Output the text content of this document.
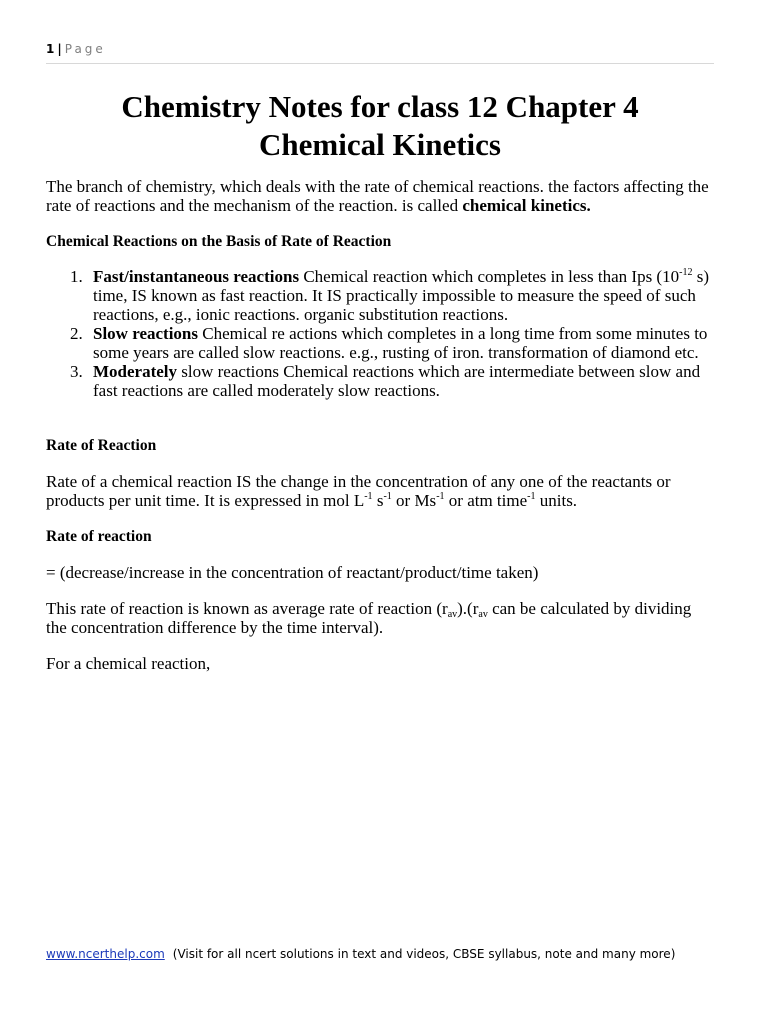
1 | Page
Chemistry Notes for class 12 Chapter 4
Chemical Kinetics

The branch of chemistry, which deals with the rate of chemical reactions. the factors affecting the rate of reactions and the mechanism of the reaction. is called chemical kinetics.

Chemical Reactions on the Basis of Rate of Reaction
1. Fast/instantaneous reactions Chemical reaction which completes in less than Ips ($10^{-12}$ s) time, IS known as fast reaction. It IS practically impossible to measure the speed of such reactions, e.g., ionic reactions. organic substitution reactions.
2. Slow reactions Chemical re actions which completes in a long time from some minutes to some years are called slow reactions. e.g., rusting of iron. transformation of diamond etc.
3. Moderately slow reactions Chemical reactions which are intermediate between slow and fast reactions are called moderately slow reactions.
Rate of Reaction

Rate of a chemical reaction IS the change in the concentration of any one of the reactants or products per unit time. It is expressed in mol $L^{-1}$ $s^{-1}$ or $Ms^{-1}$ or atm time$^{-1}$ units.

Rate of reaction

= (decrease/increase in the concentration of reactant/product/time taken)

This rate of reaction is known as average rate of reaction $(r_{av}).(r_{av}$ can be calculated by dividing the concentration difference by the time interval).

For a chemical reaction,

www.ncerthelp.com (Visit for all ncert solutions in text and videos, CBSE syllabus, note and many more)
